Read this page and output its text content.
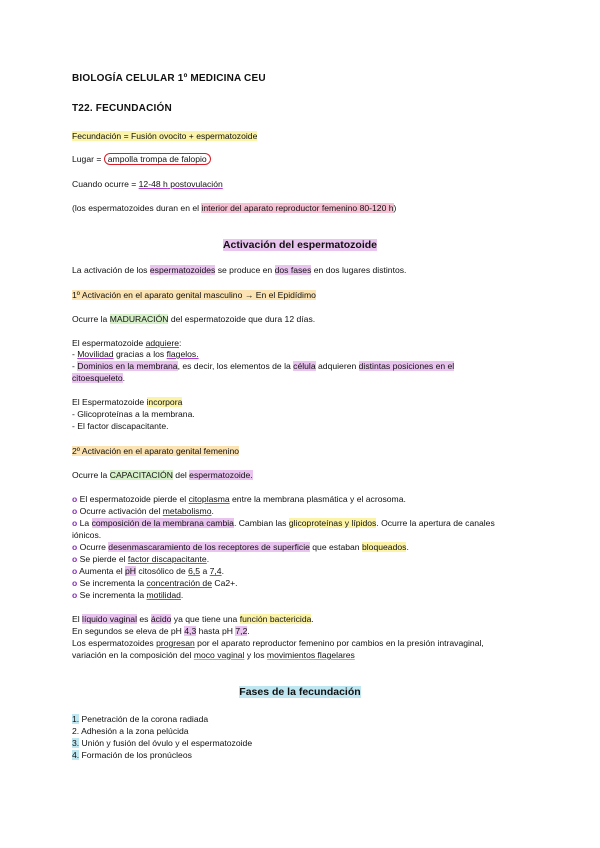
BIOLOGÍA CELULAR 1º MEDICINA CEU
T22. FECUNDACIÓN
Fecundación = Fusión ovocito + espermatozoide
Lugar = ampolla trompa de falopio
Cuando ocurre = 12-48 h postovulación
(los espermatozoides duran en el interior del aparato reproductor femenino 80-120 h)
Activación del espermatozoide
La activación de los espermatozoides se produce en dos fases en dos lugares distintos.
1º Activación en el aparato genital masculino → En el Epidídimo
Ocurre la MADURACIÓN del espermatozoide que dura 12 días.
El espermatozoide adquiere:
- Movilidad gracias a los flagelos.
- Dominios en la membrana, es decir, los elementos de la célula adquieren distintas posiciones en el
citoesqueleto.
El Espermatozoide incorpora
- Glicoproteínas a la membrana.
- El factor discapacitante.
2º Activación en el aparato genital femenino
Ocurre la CAPACITACIÓN del espermatozoide.
o El espermatozoide pierde el citoplasma entre la membrana plasmática y el acrosoma.
o Ocurre activación del metabolismo.
o La composición de la membrana cambia. Cambian las glicoproteínas y lípidos. Ocurre la apertura de canales
iónicos.
o Ocurre desenmascaramiento de los receptores de superficie que estaban bloqueados.
o Se pierde el factor discapacitante.
o Aumenta el pH citosólico de 6,5 a 7,4.
o Se incrementa la concentración de Ca2+.
o Se incrementa la motilidad.
El líquido vaginal es ácido ya que tiene una función bactericida.
En segundos se eleva de pH 4,3 hasta pH 7,2.
Los espermatozoides progresan por el aparato reproductor femenino por cambios en la presión intravaginal,
variación en la composición del moco vaginal y los movimientos flagelares
Fases de la fecundación
1. Penetración de la corona radiada
2. Adhesión a la zona pelúcida
3. Unión y fusión del óvulo y el espermatozoide
4. Formación de los pronúcleos
